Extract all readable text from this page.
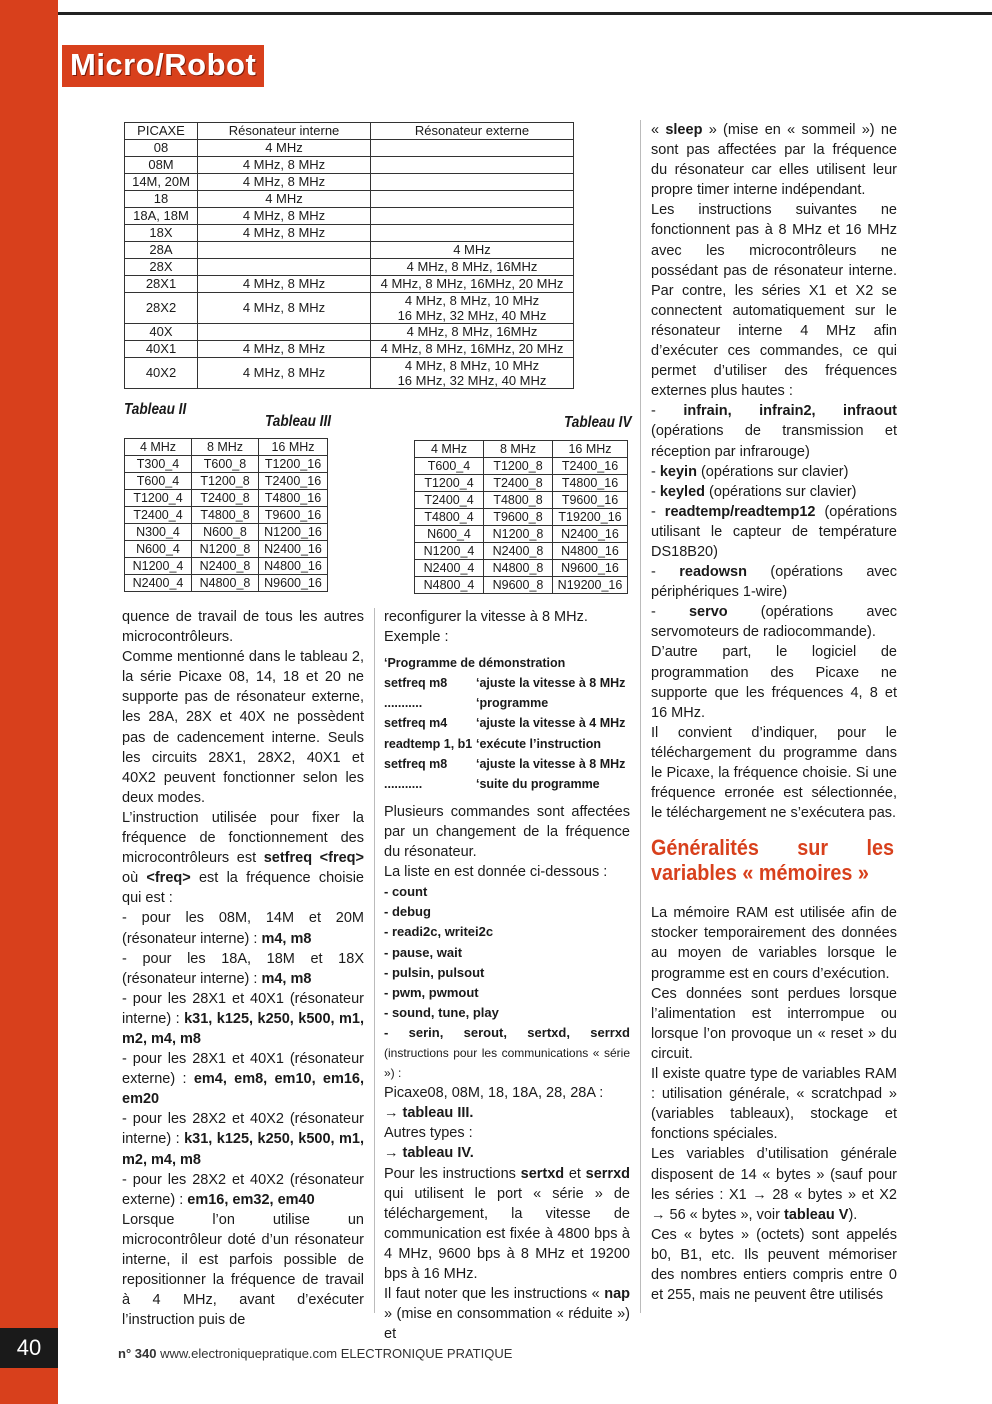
Micro/Robot
PICAXE	Résonateur interne	Résonateur externe
08	4 MHz	
08M	4 MHz, 8 MHz	
14M, 20M	4 MHz, 8 MHz	
18	4 MHz	
18A, 18M	4 MHz, 8 MHz	
18X	4 MHz, 8 MHz	
28A		4 MHz
28X		4 MHz, 8 MHz, 16MHz
28X1	4 MHz, 8 MHz	4 MHz, 8 MHz, 16MHz, 20 MHz
28X2	4 MHz, 8 MHz	4 MHz, 8 MHz, 10 MHz
16 MHz, 32 MHz, 40 MHz
40X		4 MHz, 8 MHz, 16MHz
40X1	4 MHz, 8 MHz	4 MHz, 8 MHz, 16MHz, 20 MHz
40X2	4 MHz, 8 MHz	4 MHz, 8 MHz, 10 MHz
16 MHz, 32 MHz, 40 MHz
Tableau II
Tableau III	Tableau IV
4 MHz	8 MHz	16 MHz
T300_4	T600_8	T1200_16
T600_4	T1200_8	T2400_16
T1200_4	T2400_8	T4800_16
T2400_4	T4800_8	T9600_16
N300_4	N600_8	N1200_16
N600_4	N1200_8	N2400_16
N1200_4	N2400_8	N4800_16
N2400_4	N4800_8	N9600_16
4 MHz	8 MHz	16 MHz
T600_4	T1200_8	T2400_16
T1200_4	T2400_8	T4800_16
T2400_4	T4800_8	T9600_16
T4800_4	T9600_8	T19200_16
N600_4	N1200_8	N2400_16
N1200_4	N2400_8	N4800_16
N2400_4	N4800_8	N9600_16
N4800_4	N9600_8	N19200_16

quence de travail de tous les autres microcontrôleurs.

Comme mentionné dans le tableau 2, la série Picaxe 08, 14, 18 et 20 ne supporte pas de résonateur externe, les 28A, 28X et 40X ne possèdent pas de cadencement interne. Seuls les circuits 28X1, 28X2, 40X1 et 40X2 peuvent fonctionner selon les deux modes.

L’instruction utilisée pour fixer la fréquence de fonctionnement des microcontrôleurs est setfreq <freq> où <freq> est la fréquence choisie qui est :

- pour les 08M, 14M et 20M (résonateur interne) : m4, m8

- pour les 18A, 18M et 18X (résonateur interne) : m4, m8

- pour les 28X1 et 40X1 (résonateur interne) : k31, k125, k250, k500, m1, m2, m4, m8

- pour les 28X1 et 40X1 (résonateur externe) : em4, em8, em10, em16, em20

- pour les 28X2 et 40X2 (résonateur interne) : k31, k125, k250, k500, m1, m2, m4, m8

- pour les 28X2 et 40X2 (résonateur externe) : em16, em32, em40

Lorsque l’on utilise un microcontrôleur doté d’un résonateur interne, il est parfois possible de repositionner la fréquence de travail à 4 MHz, avant d’exécuter l’instruction puis de

reconfigurer la vitesse à 8 MHz.

Exemple :

‘Programme de démonstration
setfreq m8	‘ajuste la vitesse à 8 MHz
...........	‘programme
setfreq m4	‘ajuste la vitesse à 4 MHz
readtemp 1, b1 ‘exécute l’instruction
setfreq m8	‘ajuste la vitesse à 8 MHz
...........	‘suite du programme

Plusieurs commandes sont affectées par un changement de la fréquence du résonateur.

La liste en est donnée ci-dessous :

- count
- debug
- readi2c, writei2c
- pause, wait
- pulsin, pulsout
- pwm, pwmout
- sound, tune, play

- serin, serout, sertxd, serrxd (instructions pour les communications « série ») :

Picaxe08, 08M, 18, 18A, 28, 28A :

→ tableau III.

Autres types :

→ tableau IV.

Pour les instructions sertxd et serrxd qui utilisent le port « série » de téléchargement, la vitesse de communication est fixée à 4800 bps à 4 MHz, 9600 bps à 8 MHz et 19200 bps à 16 MHz.

Il faut noter que les instructions « nap » (mise en consommation « réduite ») et

« sleep » (mise en « sommeil ») ne sont pas affectées par la fréquence du résonateur car elles utilisent leur propre timer interne indépendant.

Les instructions suivantes ne fonctionnent pas à 8 MHz et 16 MHz avec les microcontrôleurs ne possédant pas de résonateur interne. Par contre, les séries X1 et X2 se connectent automatiquement sur le résonateur interne 4 MHz afin d’exécuter ces commandes, ce qui permet d’utiliser des fréquences externes plus hautes :

- infrain, infrain2, infraout (opérations de transmission et réception par infrarouge)

- keyin (opérations sur clavier)

- keyled (opérations sur clavier)

- readtemp/readtemp12 (opérations utilisant le capteur de température DS18B20)

- readowsn (opérations avec périphériques 1-wire)

- servo (opérations avec servomoteurs de radiocommande).

D’autre part, le logiciel de programmation des Picaxe ne supporte que les fréquences 4, 8 et 16 MHz.

Il convient d’indiquer, pour le téléchargement du programme dans le Picaxe, la fréquence choisie. Si une fréquence erronée est sélectionnée, le téléchargement ne s’exécutera pas.

Généralités sur les variables « mémoires »

La mémoire RAM est utilisée afin de stocker temporairement des données au moyen de variables lorsque le programme est en cours d’exécution.

Ces données sont perdues lorsque l’alimentation est interrompue ou lorsque l’on provoque un « reset » du circuit.

Il existe quatre type de variables RAM : utilisation générale, « scratchpad » (variables tableaux), stockage et fonctions spéciales.

Les variables d’utilisation générale disposent de 14 « bytes » (sauf pour les séries : X1 → 28 « bytes » et X2 → 56 « bytes », voir tableau V).

Ces « bytes » (octets) sont appelés b0, B1, etc. Ils peuvent mémoriser des nombres entiers compris entre 0 et 255, mais ne peuvent être utilisés

40	n° 340 www.electroniquepratique.com ELECTRONIQUE PRATIQUE
